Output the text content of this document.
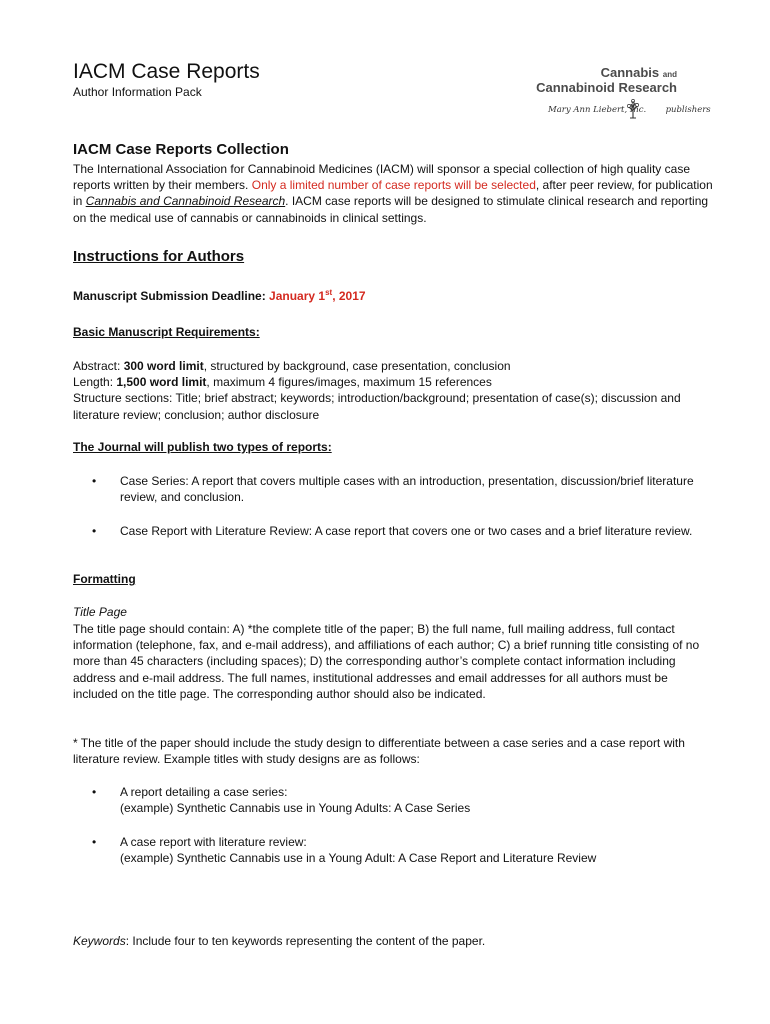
IACM Case Reports
Author Information Pack
Cannabis and
Cannabinoid Research
Mary Ann Liebert, Inc. publishers
IACM Case Reports Collection
The International Association for Cannabinoid Medicines (IACM) will sponsor a special collection of high quality case reports written by their members. Only a limited number of case reports will be selected, after peer review, for publication in Cannabis and Cannabinoid Research. IACM case reports will be designed to stimulate clinical research and reporting on the medical use of cannabis or cannabinoids in clinical settings.
Instructions for Authors
Manuscript Submission Deadline: January 1st, 2017
Basic Manuscript Requirements:
Abstract: 300 word limit, structured by background, case presentation, conclusion
Length: 1,500 word limit, maximum 4 figures/images, maximum 15 references
Structure sections: Title; brief abstract; keywords; introduction/background; presentation of case(s); discussion and literature review; conclusion; author disclosure
The Journal will publish two types of reports:
•	Case Series: A report that covers multiple cases with an introduction, presentation, discussion/brief literature review, and conclusion.
•	Case Report with Literature Review: A case report that covers one or two cases and a brief literature review.
Formatting
Title Page
The title page should contain: A) *the complete title of the paper; B) the full name, full mailing address, full contact information (telephone, fax, and e-mail address), and affiliations of each author; C) a brief running title consisting of no more than 45 characters (including spaces); D) the corresponding author’s complete contact information including address and e-mail address. The full names, institutional addresses and email addresses for all authors must be included on the title page. The corresponding author should also be indicated.
* The title of the paper should include the study design to differentiate between a case series and a case report with literature review. Example titles with study designs are as follows:
•	A report detailing a case series:
(example) Synthetic Cannabis use in Young Adults: A Case Series
•	A case report with literature review:
(example) Synthetic Cannabis use in a Young Adult: A Case Report and Literature Review
Keywords: Include four to ten keywords representing the content of the paper.
